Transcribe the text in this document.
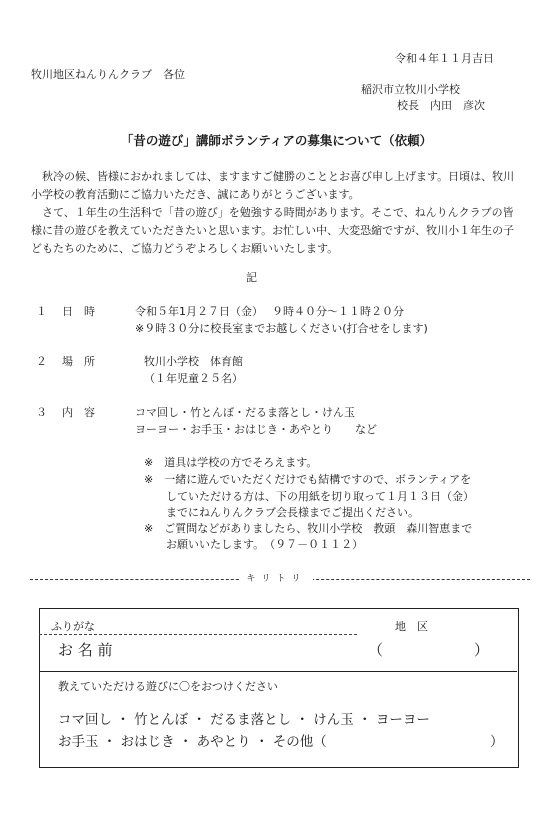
令和４年１１月吉日
牧川地区ねんりんクラブ　各位
稲沢市立牧川小学校
校長　内田　彦次
「昔の遊び」講師ボランティアの募集について（依頼）
　秋冷の候、皆様におかれましては、ますますご健勝のこととお喜び申し上げます。日頃は、牧川小学校の教育活動にご協力いただき、誠にありがとうございます。
　さて、１年生の生活科で「昔の遊び」を勉強する時間があります。そこで、ねんりんクラブの皆様に昔の遊びを教えていただきたいと思います。お忙しい中、大変恐縮ですが、牧川小１年生の子どもたちのために、ご協力どうぞよろしくお願いいたします。
記
１ 日　時	令和５年1月２７日（金）　 ９時４０分～１１時２０分
※９時３０分に校長室までお越しください(打合せをします)
２ 場　所	牧川小学校　体育館
（１年児童２５名）
３ 内　容	コマ回し・竹とんぼ・だるま落とし・けん玉
ヨーヨー・お手玉・おはじき・あやとり　　など
※　道具は学校の方でそろえます。
※　一緒に遊んでいただくだけでも結構ですので、ボランティアを
　　していただける方は、下の用紙を切り取って１月１３日（金）
　　までにねんりんクラブ会長様までご提出ください。
※　ご質問などがありましたら、牧川小学校　教頭　森川智恵まで
　　お願いいたします。　（９７－０１１２）
キリトリ
ふりがな	地　区
お 名 前	（	）
教えていただける遊びに〇をおつけください
コマ回し ・ 竹とんぼ ・ だるま落とし ・ けん玉 ・ ヨーヨー
お手玉 ・ おはじき ・ あやとり ・ その他（	）
